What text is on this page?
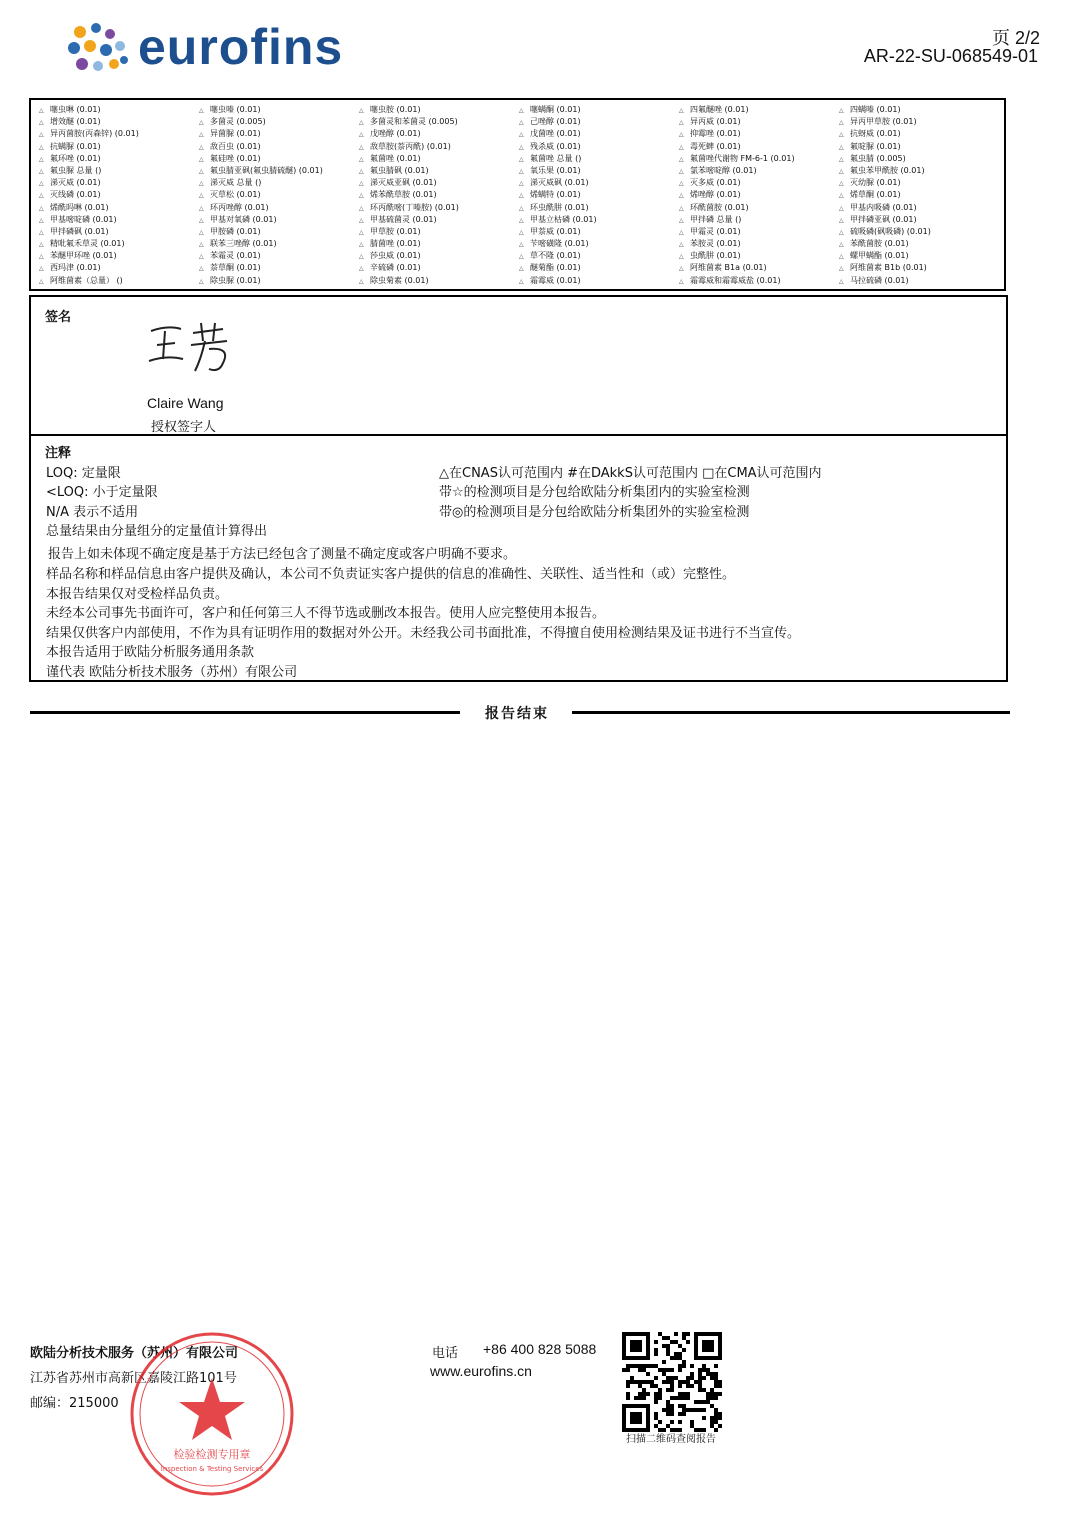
eurofins	页 2/2
AR-22-SU-068549-01
△ 噻虫啉 (0.01)	△ 噻虫嗪 (0.01)	△ 噻虫胺 (0.01)	△ 噻螨酮 (0.01)	△ 四氟醚唑 (0.01)	△ 四螨嗪 (0.01)
△ 增效醚 (0.01)	△ 多菌灵 (0.005)	△ 多菌灵和苯菌灵 (0.005)	△ 己唑醇 (0.01)	△ 异丙威 (0.01)	△ 异丙甲草胺 (0.01)
△ 异丙菌胺(丙森锌) (0.01)	△ 异菌脲 (0.01)	△ 戊唑醇 (0.01)	△ 戊菌唑 (0.01)	△ 抑霉唑 (0.01)	△ 抗蚜威 (0.01)
△ 抗螨脲 (0.01)	△ 敌百虫 (0.01)	△ 敌草胺(萘丙酰) (0.01)	△ 残杀威 (0.01)	△ 毒死蜱 (0.01)	△ 氟啶脲 (0.01)
△ 氟环唑 (0.01)	△ 氟硅唑 (0.01)	△ 氟菌唑 (0.01)	△ 氟菌唑 总量 ()	△ 氟菌唑代谢物 FM-6-1 (0.01)	△ 氟虫腈 (0.005)
△ 氟虫脲 总量 ()	△ 氟虫腈亚砜(氟虫腈硫醚) (0.01)	△ 氟虫腈砜 (0.01)	△ 氧乐果 (0.01)	△ 氯苯嘧啶醇 (0.01)	△ 氟虫苯甲酰胺 (0.01)
△ 涕灭威 (0.01)	△ 涕灭威 总量 ()	△ 涕灭威亚砜 (0.01)	△ 涕灭威砜 (0.01)	△ 灭多威 (0.01)	△ 灭幼脲 (0.01)
△ 灭线磷 (0.01)	△ 灭草松 (0.01)	△ 烯苯酰草胺 (0.01)	△ 烯螨特 (0.01)	△ 烯唑醇 (0.01)	△ 烯草酮 (0.01)
△ 烯酰吗啉 (0.01)	△ 环丙唑醇 (0.01)	△ 环丙酰嘧(丁嗪胺) (0.01)	△ 环虫酰肼 (0.01)	△ 环酰菌胺 (0.01)	△ 甲基内吸磷 (0.01)
△ 甲基嘧啶磷 (0.01)	△ 甲基对氧磷 (0.01)	△ 甲基硫菌灵 (0.01)	△ 甲基立枯磷 (0.01)	△ 甲拌磷 总量 ()	△ 甲拌磷亚砜 (0.01)
△ 甲拌磷砜 (0.01)	△ 甲胺磷 (0.01)	△ 甲草胺 (0.01)	△ 甲萘威 (0.01)	△ 甲霜灵 (0.01)	△ 硫吸磷(砜吸磷) (0.01)
△ 精吡氟禾草灵 (0.01)	△ 联苯三唑醇 (0.01)	△ 腈菌唑 (0.01)	△ 苄嘧磺隆 (0.01)	△ 苯胺灵 (0.01)	△ 苯酰菌胺 (0.01)
△ 苯醚甲环唑 (0.01)	△ 苯霜灵 (0.01)	△ 莎虫威 (0.01)	△ 草不隆 (0.01)	△ 虫酰肼 (0.01)	△ 螺甲螨酯 (0.01)
△ 西玛津 (0.01)	△ 萘草酮 (0.01)	△ 辛硫磷 (0.01)	△ 醚菊酯 (0.01)	△ 阿维菌素 B1a (0.01)	△ 阿维菌素 B1b (0.01)
△ 阿维菌素（总量） ()	△ 除虫脲 (0.01)	△ 除虫菊素 (0.01)	△ 霜霉威 (0.01)	△ 霜霉威和霜霉威盐 (0.01)	△ 马拉硫磷 (0.01)
签名
Claire Wang
授权签字人
注释
LOQ: 定量限
<LOQ: 小于定量限
N/A 表示不适用
总量结果由分量组分的定量值计算得出
△在CNAS认可范围内 #在DAkkS认可范围内 □在CMA认可范围内
带☆的检测项目是分包给欧陆分析集团内的实验室检测
带◎的检测项目是分包给欧陆分析集团外的实验室检测
报告上如未体现不确定度是基于方法已经包含了测量不确定度或客户明确不要求。
样品名称和样品信息由客户提供及确认，本公司不负责证实客户提供的信息的准确性、关联性、适当性和（或）完整性。
本报告结果仅对受检样品负责。
未经本公司事先书面许可，客户和任何第三人不得节选或删改本报告。使用人应完整使用本报告。
结果仅供客户内部使用，不作为具有证明作用的数据对外公开。未经我公司书面批准，不得擅自使用检测结果及证书进行不当宣传。
本报告适用于欧陆分析服务通用条款
谨代表 欧陆分析技术服务（苏州）有限公司
报告结束
欧陆分析技术服务（苏州）有限公司
江苏省苏州市高新区嘉陵江路101号
邮编：215000
电话 +86 400 828 5088
www.eurofins.cn
检验检测专用章
Inspection & Testing Services
扫描二维码查阅报告
